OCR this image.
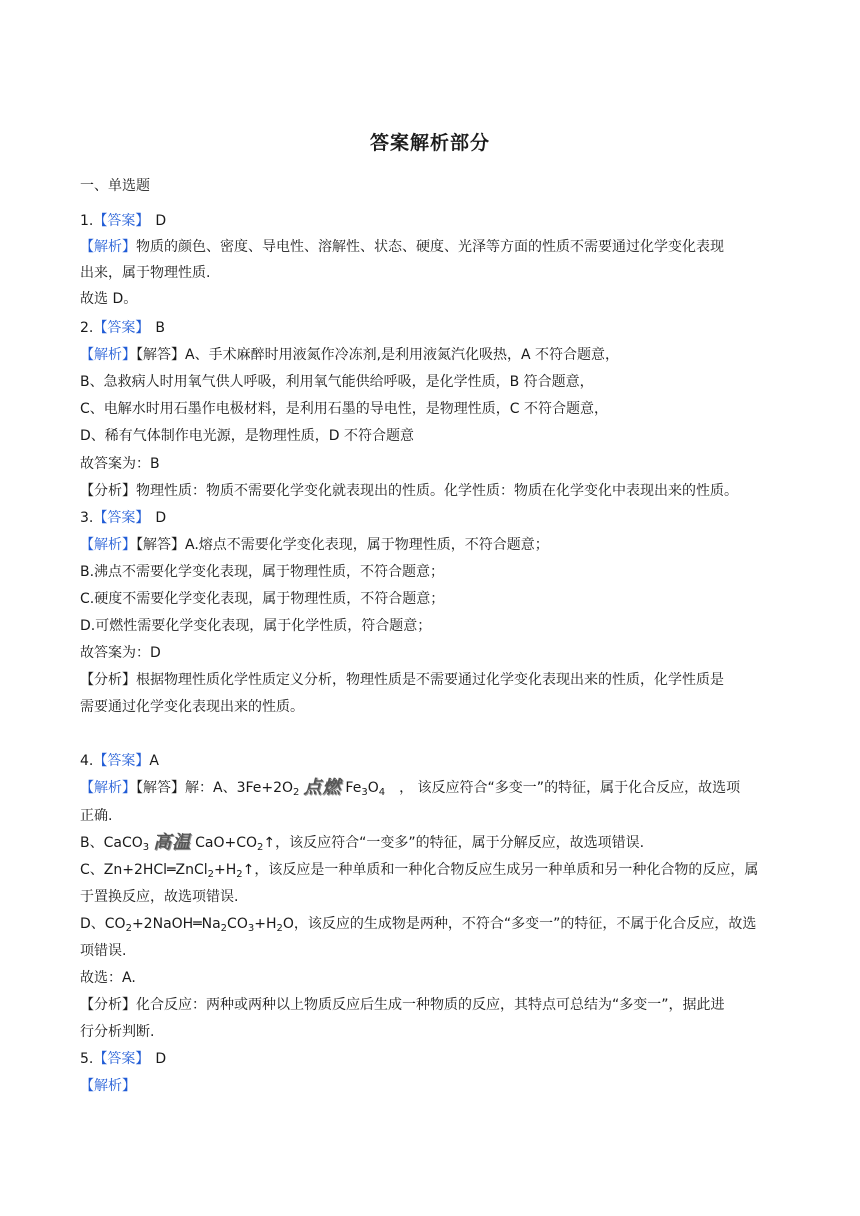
答案解析部分
一、单选题
1.【答案】 D
【解析】物质的颜色、密度、导电性、溶解性、状态、硬度、光泽等方面的性质不需要通过化学变化表现
出来，属于物理性质.
故选 D。
2.【答案】 B
【解析】【解答】A、手术麻醉时用液氮作冷冻剂,是利用液氮汽化吸热，A 不符合题意，
B、急救病人时用氧气供人呼吸，利用氧气能供给呼吸，是化学性质，B 符合题意，
C、电解水时用石墨作电极材料，是利用石墨的导电性，是物理性质，C 不符合题意，
D、稀有气体制作电光源，是物理性质，D 不符合题意
故答案为：B
【分析】物理性质：物质不需要化学变化就表现出的性质。化学性质：物质在化学变化中表现出来的性质。
3.【答案】 D
【解析】【解答】A.熔点不需要化学变化表现，属于物理性质，不符合题意；
B.沸点不需要化学变化表现，属于物理性质，不符合题意；
C.硬度不需要化学变化表现，属于物理性质，不符合题意；
D.可燃性需要化学变化表现，属于化学性质，符合题意；
故答案为：D
【分析】根据物理性质化学性质定义分析，物理性质是不需要通过化学变化表现出来的性质，化学性质是
需要通过化学变化表现出来的性质。
4.【答案】A
【解析】【解答】解：A、$3Fe+2O_2$ 点燃 $Fe_3O_4$ ， 该反应符合“多变一”的特征，属于化合反应，故选项
正确.
B、CaCO$_3$ 高温 $CaO+CO_2↑$，该反应符合“一变多”的特征，属于分解反应，故选项错误.
C、$Zn+2HCl═ZnCl_2+H_2↑$，该反应是一种单质和一种化合物反应生成另一种单质和另一种化合物的反应，属
于置换反应，故选项错误.
D、$CO_2+2NaOH═Na_2CO_3+H_2O$，该反应的生成物是两种，不符合“多变一”的特征，不属于化合反应，故选
项错误.
故选：A.
【分析】化合反应：两种或两种以上物质反应后生成一种物质的反应，其特点可总结为“多变一”，据此进
行分析判断.
5.【答案】 D
【解析】
